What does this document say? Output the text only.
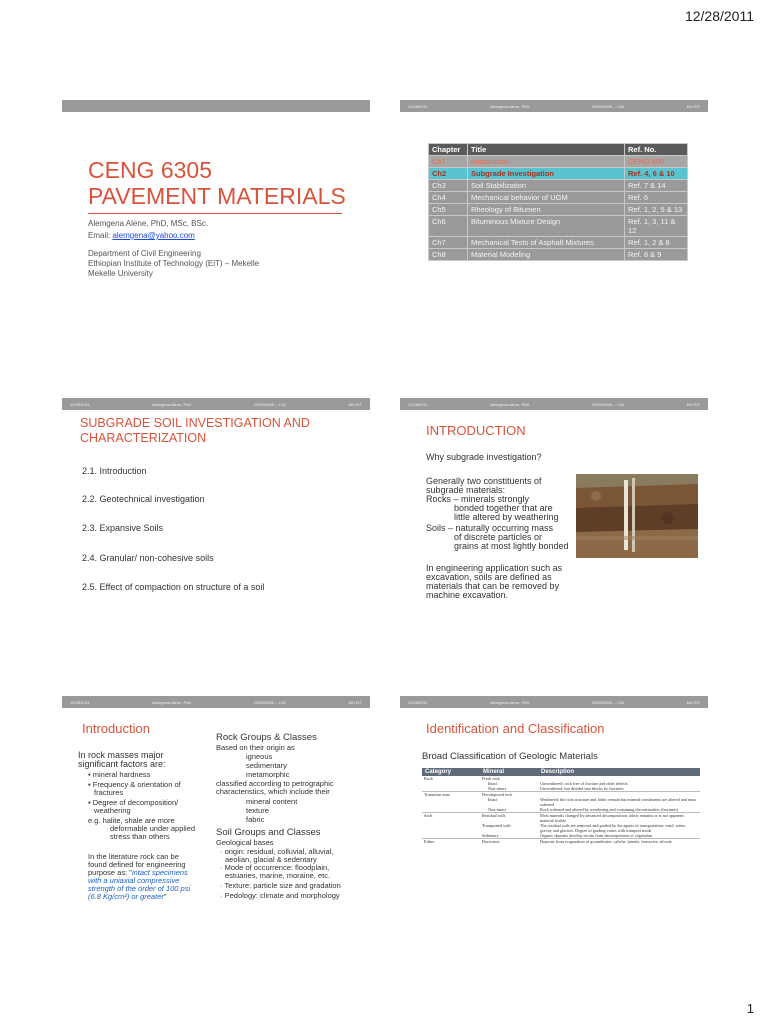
12/28/2011
CENG 6305
PAVEMENT MATERIALS
Alemgena Alene, PhD, MSc, BSc.
Email: alemgena@yahoo.com
Department of Civil Engineering
Ethiopian Institute of Technology (EiT) – Mekelle
Mekelle University
12/28/2011	Alemgena Alene, PhD	CENG6305 -- Ch2	MU EiT
Chapter	Title	Ref. No.
Ch1	Introduction	CENG 505
Ch2	Subgrade Investigation	Ref. 4, 6 & 10
Ch3	Soil Stabilization	Ref. 7 & 14
Ch4	Mechanical behavior of UGM	Ref. 6
Ch5	Rheology of Bitumen	Ref. 1, 2, 5 & 13
Ch6	Bituminous Mixture Design	Ref. 1, 3, 11 & 12
Ch7	Mechanical Tests of Asphalt Mixtures	Ref. 1, 2 & 8
Ch8	Material Modeling	Ref. 8 & 9
12/28/2011	Alemgena Alene, PhD	CENG6305 -- Ch2	MU EiT
SUBGRADE SOIL INVESTIGATION AND
CHARACTERIZATION
2.1. Introduction
2.2. Geotechnical investigation
2.3. Expansive Soils
2.4. Granular/ non-cohesive soils
2.5. Effect of compaction on structure of a soil
12/28/2011	Alemgena Alene, PhD	CENG6305 -- Ch2	MU EiT
INTRODUCTION
Why subgrade investigation?
Generally two constituents of
subgrade materials:
Rocks – minerals strongly
bonded together that are
little altered by weathering
Soils – naturally occurring mass
of discrete particles or
grains at most lightly bonded
In engineering application such as
excavation, soils are defined as
materials that can be removed by
machine excavation.
12/28/2011	Alemgena Alene, PhD	CENG6305 -- Ch2	MU EiT
Introduction
In rock masses major
significant factors are:
▪ mineral hardness
▪ Frequency & orientation of
fractures
▪ Degree of decomposition/
weathering
e.g. halite, shale are more
deformable under applied
stress than others
In the literature rock can be
found defined for engineering
purpose as: "intact specimens
with a uniaxial compressive
strength of the order of 100 psi
(6.8 Kg/cm²) or greater"
Rock Groups & Classes
Based on their origin as
igneous
sedimentary
metamorphic
classified according to petrographic
characteristics, which include their
mineral content
texture
fabric
Soil Groups and Classes
Geological bases
· origin: residual, colluvial, alluvial,
aeolian, glacial & sedentary
· Mode of occurrence: floodplain,
estuaries, marine, moraine, etc.
· Texture: particle size and gradation
· Pedology: climate and morphology
12/28/2011	Alemgena Alene, PhD	CENG6305 -- Ch2	MU EiT
Identification and Classification
Broad Classification of Geologic Materials
Category	Mineral	Description
Rock	Fresh rock	
	Intact	Unweathered; rock free of fracture and other defects
	Non-intact	Unweathered, but divided into blocks by fractures
Transition zone	Decomposed rock	
	Intact	Weathered; the rock structure and fabric remain but mineral constituents are altered and mass softened
	Non-intact	Rock softened and altered by weathering and containing discontinuities (fractures)
Soils	Residual soils	Most minerals changed by advanced decomposition: fabric remains or is not apparent: material friable
	Transported soils	The residual soils are removed and graded by the agents of transportation: wind, water, gravity and glaciers. Degree of grading varies with transport mode
	Sedentary	Organic deposits develop in-situ from decomposition of vegetation
Either	Duricrusts	Deposits from evaporation of groundwater: caliche, laterite, ferrocrete, silcrete
1
